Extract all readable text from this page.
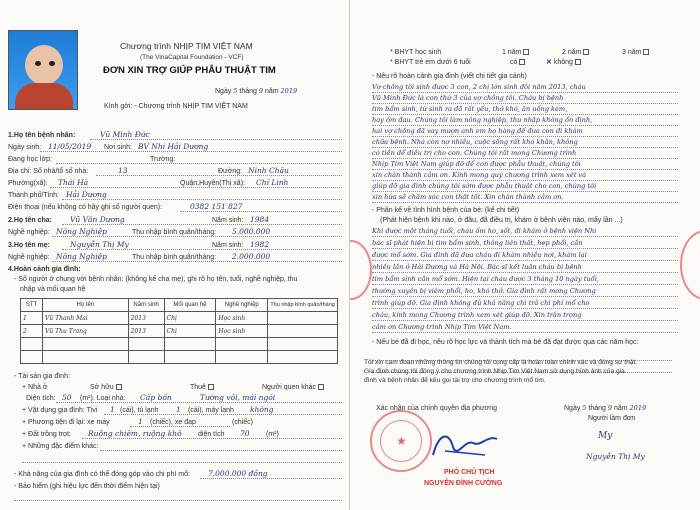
Chương trình NHỊP TIM VIỆT NAM
(The VinaCapital Foundation - VCF)
ĐƠN XIN TRỢ GIÚP PHẪU THUẬT TIM
Ngày 5 tháng 9 năm 2019
Kính gởi: - Chương trình NHỊP TIM VIỆT NAM
1.Họ tên bệnh nhân:	Vũ Minh Đức
Ngày sinh: 11/05/2019 Nơi sinh: BV Nhi Hải Dương
Đang học lớp:	Trường:
Địa chỉ: Số nhà/tổ số nhà:	13	Đường: Ninh Châu
Phường(xã): Thái Hà	Quận,Huyện(Thị xã): Chí Linh
Thành phố/Tỉnh: Hải Dương
Điện thoại (nếu không có hãy ghi số người quen):	0382 151 827
2.Họ tên cha: Vũ Văn Dương	Năm sinh: 1984
Nghề nghiệp: Nông Nghiệp	Thu nhập bình quân/tháng: 5.000.000
3.Họ tên mẹ:	Nguyễn Thị My	Năm sinh: 1982
Nghề nghiệp: Nông Nghiệp	Thu nhập bình quân/tháng: 2.000.000
4.Hoàn cảnh gia đình:
- Số người ở chung với bệnh nhân: (không kể cha mẹ), ghi rõ họ tên, tuổi, nghề nghiệp, thu
nhập và mối quan hệ
STT	Họ tên	Năm sinh	Mối quan hệ	Nghề nghiệp	Thu nhập bình quân/tháng
1	Vũ Thanh Mai	2013	Chị	Học sinh	
2	Vũ Thu Trang	2013	Chị	Học sinh	

- Tài sản gia đình:
+ Nhà ở	Sở hữu	Thuê	Người quen khác
Diện tích: 50 (m²). Loại nhà: Cấp bốn	Tường vôi, mái ngói
+ Vật dụng gia đình: Tivi 1 (cái), tủ lạnh 1 (cái), máy lạnh không
+ Phương tiện đi lại: xe máy	1 (chiếc), xe đạp	(chiếc)
+ Đất trồng trọt: Ruộng chiêm, ruộng khô diện tích 70 (m²)
+ Những đặc điểm khác:
- Khả năng của gia đình có thể đóng góp vào chi phí mổ: 7.000.000 đồng
- Bảo hiểm (ghi hiệu lực đến thời điểm hiện tại)
* BHYT học sinh	1 năm	2 năm	3 năm
* BHYT trẻ em dưới 6 tuổi	có	✕ không
- Nêu rõ hoàn cảnh gia đình (viết chi tiết gia cảnh)
Vợ chồng tôi sinh được 3 con, 2 chị lớn sinh đôi năm 2013, cháu
Vũ Minh Đức là con thứ 3 của vợ chồng tôi. Cháu bị bệnh
tim bẩm sinh, từ sinh ra đã rất yếu, thở khó, ăn uống kém,
hay ốm đau. Chúng tôi làm nông nghiệp, thu nhập không ổn định,
hai vợ chồng đã vay mượn anh em họ hàng để đưa con đi khám
chữa bệnh. Nhà còn nợ nhiều, cuộc sống rất khó khăn, không
có tiền để điều trị cho con. Chúng tôi rất mong Chương trình
Nhịp Tim Việt Nam giúp đỡ để con được phẫu thuật, chúng tôi
xin chân thành cảm ơn. Kính mong quý chương trình xem xét và
giúp đỡ gia đình chúng tôi sớm được phẫu thuật cho con, chúng tôi
xin hứa sẽ chăm sóc con thật tốt. Xin chân thành cảm ơn.
- Phần kể về tình hình bệnh của bé: (kể chi tiết)
(Phát hiện bệnh khi nào, ở đâu, đã điều trị, khám ở bệnh viện nào, mấy lần ...)
Khi được một tháng tuổi, cháu ốm ho, sốt, đi khám ở bệnh viện Nhi
bác sĩ phát hiện bị tim bẩm sinh, thông liên thất, hẹp phổi, cần
được mổ sớm. Gia đình đã đưa cháu đi khám nhiều nơi, khám lại
nhiều lần ở Hải Dương và Hà Nội. Bác sĩ kết luận cháu bị bệnh
tim bẩm sinh cần mổ sớm. Hiện tại cháu được 3 tháng 10 ngày tuổi,
thường xuyên bị viêm phổi, ho, khó thở. Gia đình rất mong Chương
trình giúp đỡ. Gia đình không đủ khả năng chi trả chi phí mổ cho
cháu, kính mong Chương trình xem xét giúp đỡ. Xin trân trọng
cảm ơn Chương trình Nhịp Tim Việt Nam.
- Nếu bé đã đi học, nêu rõ học lực và thành tích mà bé đã đạt được qua các năm học:
Tôi xin cam đoan những thông tin chúng tôi cung cấp là hoàn toàn chính xác và đúng sự thật.
Gia đình chúng tôi đồng ý cho chương trình Nhịp Tim Việt Nam sử dụng hình ảnh của gia
đình và bệnh nhân để kêu gọi tài trợ cho chương trình mổ tim.
Xác nhận của chính quyền địa phương	Ngày 5 tháng 9 năm 2019
Người làm đơn
My
Nguyễn Thị My
★
PHÓ CHỦ TỊCH
NGUYỄN ĐÌNH CƯỜNG
